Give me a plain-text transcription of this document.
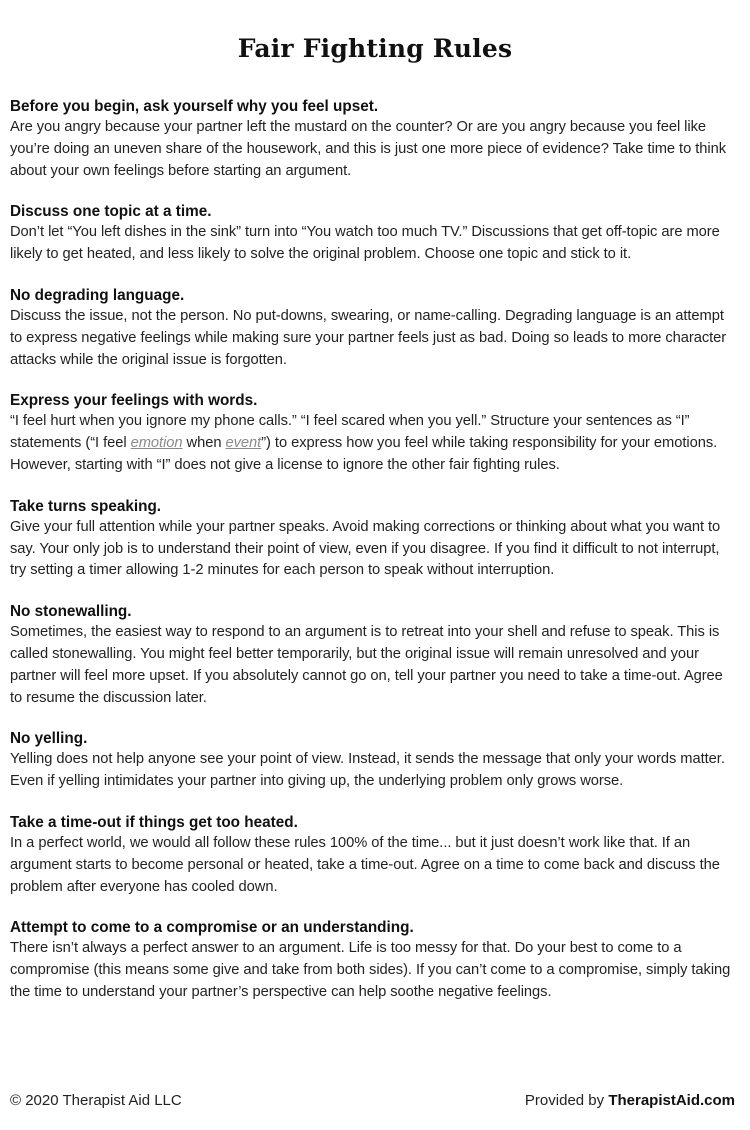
Fair Fighting Rules
Before you begin, ask yourself why you feel upset.
Are you angry because your partner left the mustard on the counter? Or are you angry because you feel like you’re doing an uneven share of the housework, and this is just one more piece of evidence? Take time to think about your own feelings before starting an argument.
Discuss one topic at a time.
Don’t let “You left dishes in the sink” turn into “You watch too much TV.” Discussions that get off-topic are more likely to get heated, and less likely to solve the original problem. Choose one topic and stick to it.
No degrading language.
Discuss the issue, not the person. No put-downs, swearing, or name-calling. Degrading language is an attempt to express negative feelings while making sure your partner feels just as bad. Doing so leads to more character attacks while the original issue is forgotten.
Express your feelings with words.
“I feel hurt when you ignore my phone calls.” “I feel scared when you yell.” Structure your sentences as “I” statements (“I feel emotion when event”) to express how you feel while taking responsibility for your emotions. However, starting with “I” does not give a license to ignore the other fair fighting rules.
Take turns speaking.
Give your full attention while your partner speaks. Avoid making corrections or thinking about what you want to say. Your only job is to understand their point of view, even if you disagree. If you find it difficult to not interrupt, try setting a timer allowing 1-2 minutes for each person to speak without interruption.
No stonewalling.
Sometimes, the easiest way to respond to an argument is to retreat into your shell and refuse to speak. This is called stonewalling. You might feel better temporarily, but the original issue will remain unresolved and your partner will feel more upset. If you absolutely cannot go on, tell your partner you need to take a time-out. Agree to resume the discussion later.
No yelling.
Yelling does not help anyone see your point of view. Instead, it sends the message that only your words matter. Even if yelling intimidates your partner into giving up, the underlying problem only grows worse.
Take a time-out if things get too heated.
In a perfect world, we would all follow these rules 100% of the time... but it just doesn’t work like that. If an argument starts to become personal or heated, take a time-out. Agree on a time to come back and discuss the problem after everyone has cooled down.
Attempt to come to a compromise or an understanding.
There isn’t always a perfect answer to an argument. Life is too messy for that. Do your best to come to a compromise (this means some give and take from both sides). If you can’t come to a compromise, simply taking the time to understand your partner’s perspective can help soothe negative feelings.
© 2020 Therapist Aid LLC	Provided by TherapistAid.com
